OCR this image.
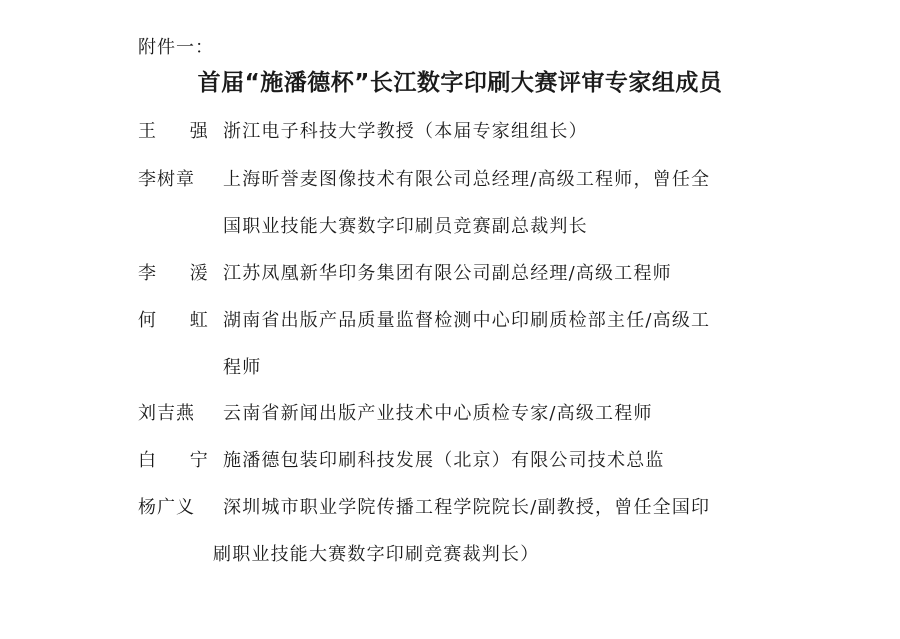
附件一：
首届“施潘德杯”长江数字印刷大赛评审专家组成员
王 强 浙江电子科技大学教授（本届专家组组长）
李树章	上海昕誉麦图像技术有限公司总经理/高级工程师，曾任全
国职业技能大赛数字印刷员竞赛副总裁判长
李 湲 江苏凤凰新华印务集团有限公司副总经理/高级工程师
何 虹 湖南省出版产品质量监督检测中心印刷质检部主任/高级工
程师
刘吉燕	云南省新闻出版产业技术中心质检专家/高级工程师
白 宁 施潘德包装印刷科技发展（北京）有限公司技术总监
杨广义	深圳城市职业学院传播工程学院院长/副教授，曾任全国印
刷职业技能大赛数字印刷竞赛裁判长）
